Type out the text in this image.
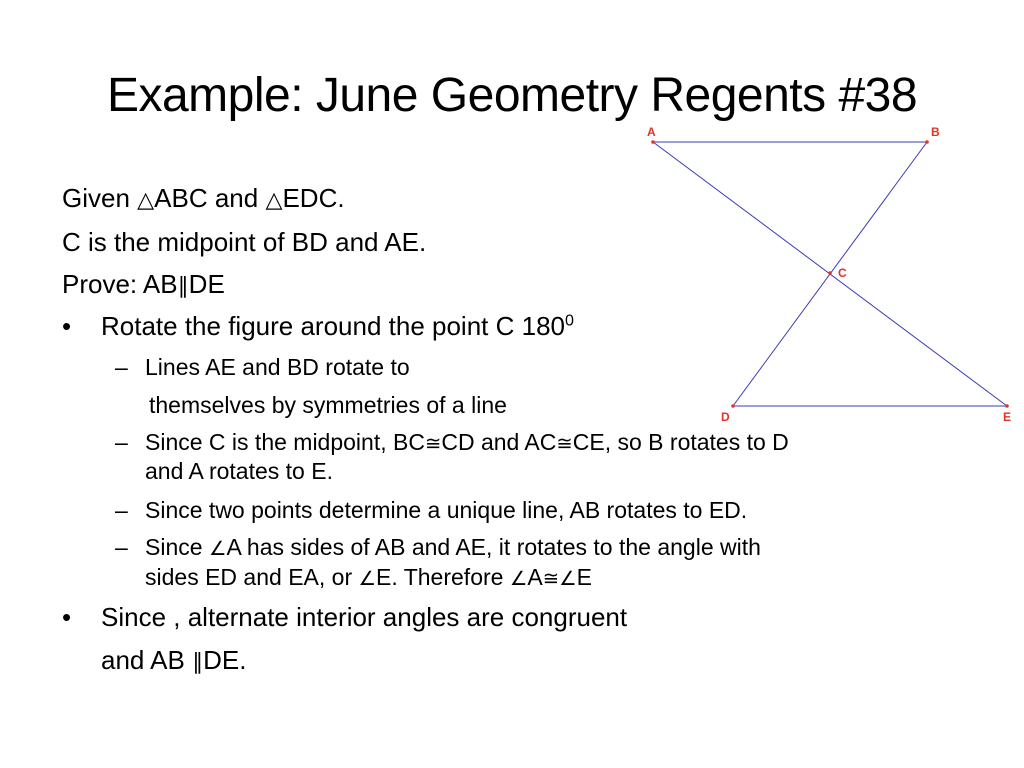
Example: June Geometry Regents #38
A	B
C
D	E
Given △ABC and △EDC.
C is the midpoint of BD and AE.
Prove: AB∥DE
• Rotate the figure around the point C $180^0$
– Lines AE and BD rotate to
themselves by symmetries of a line
– Since C is the midpoint, BC≅CD and AC≅CE, so B rotates to D
and A rotates to E.
– Since two points determine a unique line, AB rotates to ED.
– Since ∠A has sides of AB and AE, it rotates to the angle with
sides ED and EA, or ∠E. Therefore ∠A≅∠E
• Since , alternate interior angles are congruent
and AB ∥DE.
